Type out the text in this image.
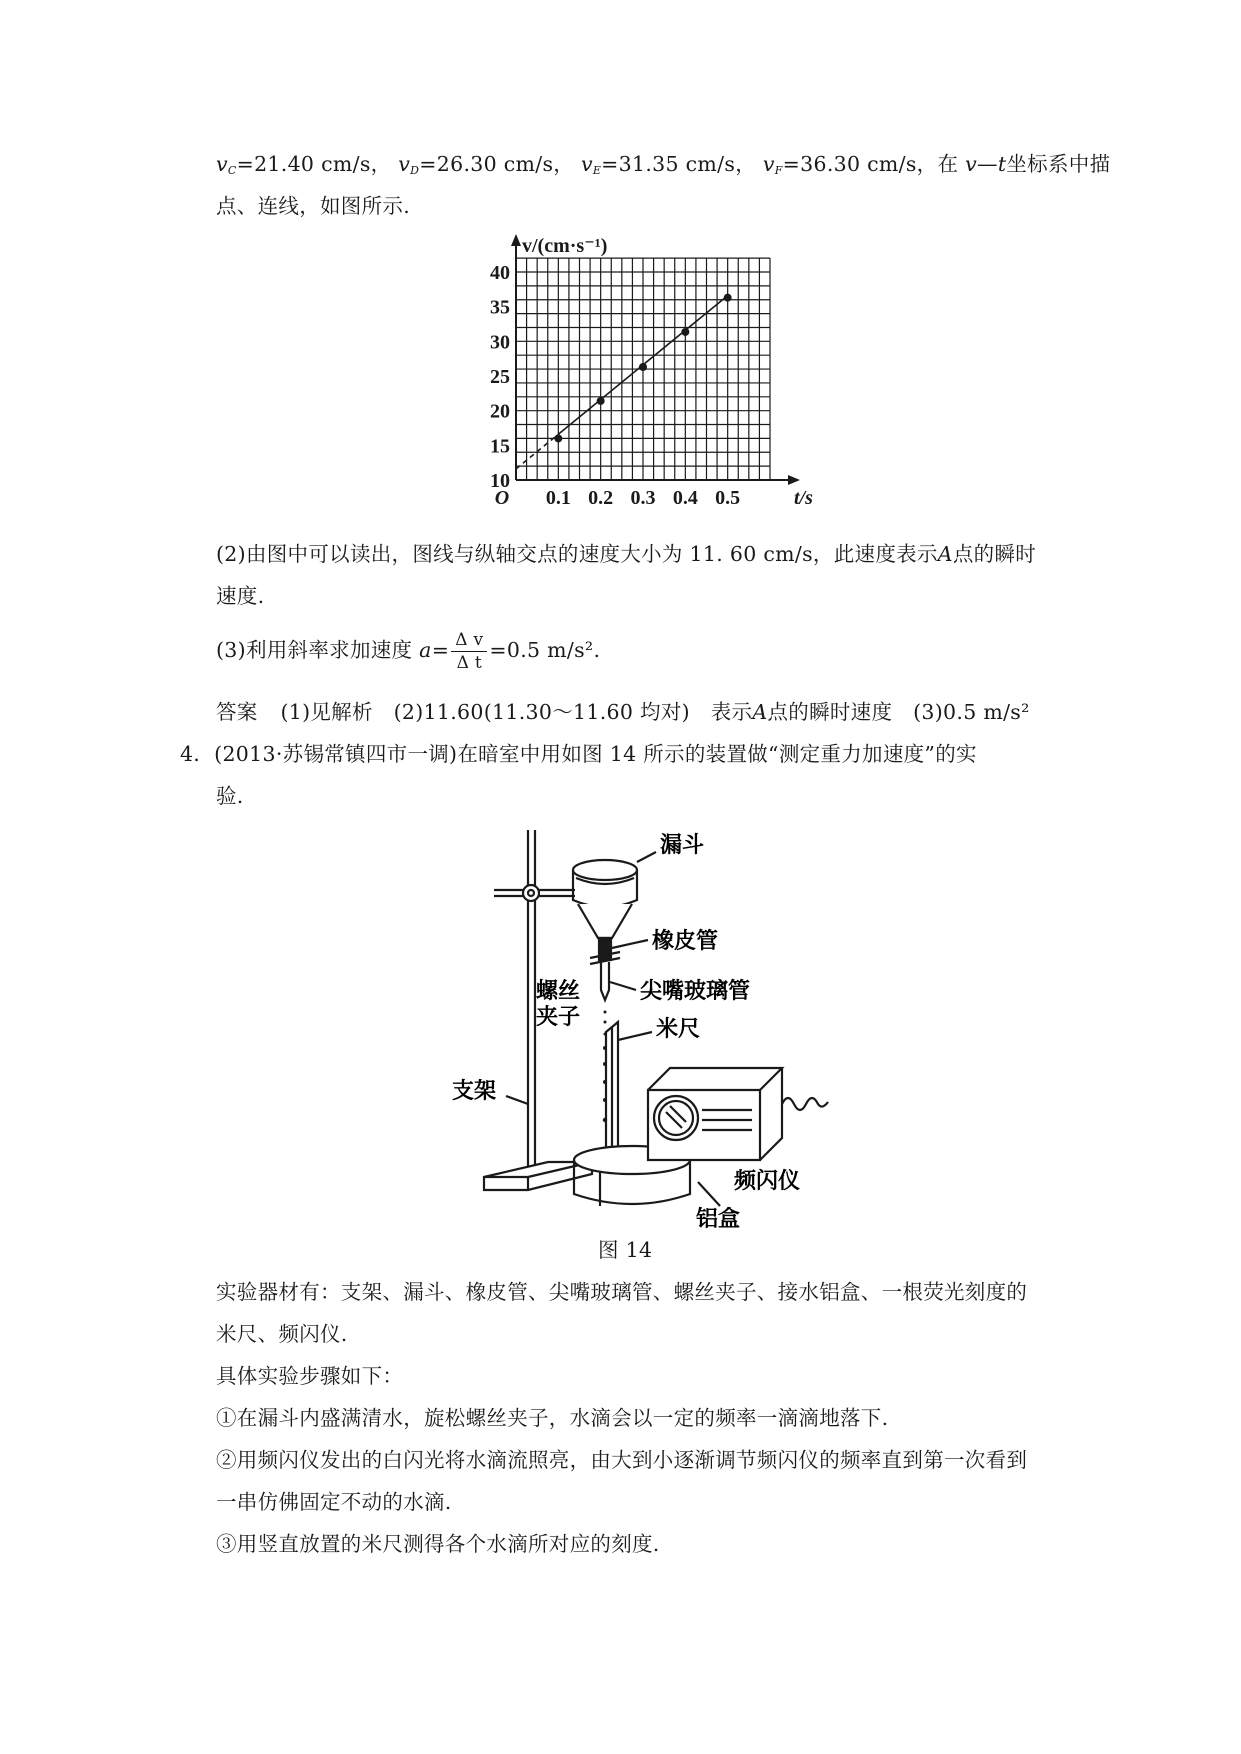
$v_C=21.40$ cm/s， $v_D=26.30$ cm/s， $v_E=31.35$ cm/s， $v_F=36.30$ cm/s，在 v—t坐标系中描
点、连线，如图所示.
10
15
20
25
30
35
40
0.1 0.2 0.3 0.4 0.5
O	t/s
v/(cm·s⁻¹)
(2)由图中可以读出，图线与纵轴交点的速度大小为 11. 60 cm/s，此速度表示A点的瞬时
速度.
(3)利用斜率求加速度 $a= \frac{\text{Δ v}}{\text{Δ t}} =0.5$ m/s².
答案 (1)见解析 (2)11.60(11.30～11.60 均对) 表示A点的瞬时速度 (3)0.5 m/s²
4．(2013·苏锡常镇四市一调)在暗室中用如图 14 所示的装置做“测定重力加速度”的实
验.
漏斗
橡皮管
螺丝
夹子
尖嘴玻璃管
米尺
支架
频闪仪
铝盒
图 14
实验器材有：支架、漏斗、橡皮管、尖嘴玻璃管、螺丝夹子、接水铝盒、一根荧光刻度的
米尺、频闪仪.
具体实验步骤如下：
①在漏斗内盛满清水，旋松螺丝夹子，水滴会以一定的频率一滴滴地落下.
②用频闪仪发出的白闪光将水滴流照亮，由大到小逐渐调节频闪仪的频率直到第一次看到
一串仿佛固定不动的水滴.
③用竖直放置的米尺测得各个水滴所对应的刻度.
